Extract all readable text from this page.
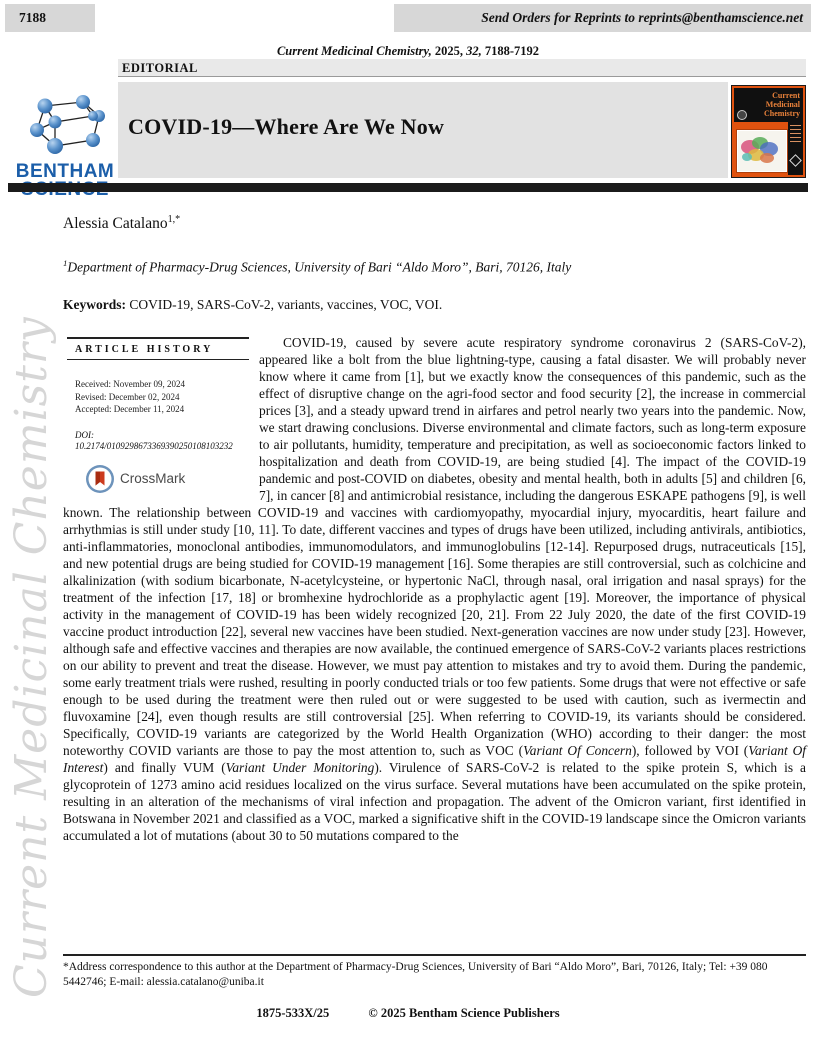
7188	Send Orders for Reprints to reprints@benthamscience.net
Current Medicinal Chemistry, 2025, 32, 7188-7192
BENTHAM
EDITORIAL
COVID-19—Where Are We Now
Current
Medicinal
Chemistry
Alessia Catalano$^{1,*}$
$^1$Department of Pharmacy-Drug Sciences, University of Bari “Aldo Moro”, Bari, 70126, Italy
Keywords: COVID-19, SARS-CoV-2, variants, vaccines, VOC, VOI.
ARTICLE HISTORY
Received: November 09, 2024
Revised: December 02, 2024
Accepted: December 11, 2024
DOI:
10.2174/0109298673369390250108103232
CrossMark
COVID-19, caused by severe acute respiratory syndrome coronavirus 2 (SARS-CoV-2), appeared like a bolt from the blue lightning-type, causing a fatal disaster. We will probably never know where it came from [1], but we exactly know the consequences of this pandemic, such as the effect of disruptive change on the agri-food sector and food security [2], the increase in commercial prices [3], and a steady upward trend in airfares and petrol nearly two years into the pandemic. Now, we start drawing conclusions. Diverse environmental and climate factors, such as long-term exposure to air pollutants, humidity, temperature and precipitation, as well as socioeconomic factors linked to hospitalization and death from COVID-19, are being studied [4]. The impact of the COVID-19 pandemic and post-COVID on diabetes, obesity and mental health, both in adults [5] and children [6, 7], in cancer [8] and antimicrobial resistance, including the dangerous ESKAPE pathogens [9], is well known. The relationship between COVID-19 and vaccines with cardiomyopathy, myocardial injury, myocarditis, heart failure and arrhythmias is still under study [10, 11]. To date, different vaccines and types of drugs have been utilized, including antivirals, antibiotics, anti-inflammatories, monoclonal antibodies, immunomodulators, and immunoglobulins [12-14]. Repurposed drugs, nutraceuticals [15], and new potential drugs are being studied for COVID-19 management [16]. Some therapies are still controversial, such as colchicine and alkalinization (with sodium bicarbonate, N-acetylcysteine, or hypertonic NaCl, through nasal, oral irrigation and nasal sprays) for the treatment of the infection [17, 18] or bromhexine hydrochloride as a prophylactic agent [19]. Moreover, the importance of physical activity in the management of COVID-19 has been widely recognized [20, 21]. From 22 July 2020, the date of the first COVID-19 vaccine product introduction [22], several new vaccines have been studied. Next-generation vaccines are now under study [23]. However, although safe and effective vaccines and therapies are now available, the continued emergence of SARS-CoV-2 variants places restrictions on our ability to prevent and treat the disease. However, we must pay attention to mistakes and try to avoid them. During the pandemic, some early treatment trials were rushed, resulting in poorly conducted trials or too few patients. Some drugs that were not effective or safe enough to be used during the treatment were then ruled out or were suggested to be used with caution, such as ivermectin and fluvoxamine [24], even though results are still controversial [25]. When referring to COVID-19, its variants should be considered. Specifically, COVID-19 variants are categorized by the World Health Organization (WHO) according to their danger: the most noteworthy COVID variants are those to pay the most attention to, such as VOC (Variant Of Concern), followed by VOI (Variant Of Interest) and finally VUM (Variant Under Monitoring). Virulence of SARS-CoV-2 is related to the spike protein S, which is a glycoprotein of 1273 amino acid residues localized on the virus surface. Several mutations have been accumulated on the spike protein, resulting in an alteration of the mechanisms of viral infection and propagation. The advent of the Omicron variant, first identified in Botswana in November 2021 and classified as a VOC, marked a significative shift in the COVID-19 landscape since the Omicron variants accumulated a lot of mutations (about 30 to 50 mutations compared to the
Current Medicinal Chemistry *Address correspondence to this author at the Department of Pharmacy-Drug Sciences, University of Bari “Aldo Moro”, Bari, 70126, Italy; Tel: +39 080 5442746; E-mail: alessia.catalano@uniba.it
1875-533X/25	© 2025 Bentham Science Publishers
